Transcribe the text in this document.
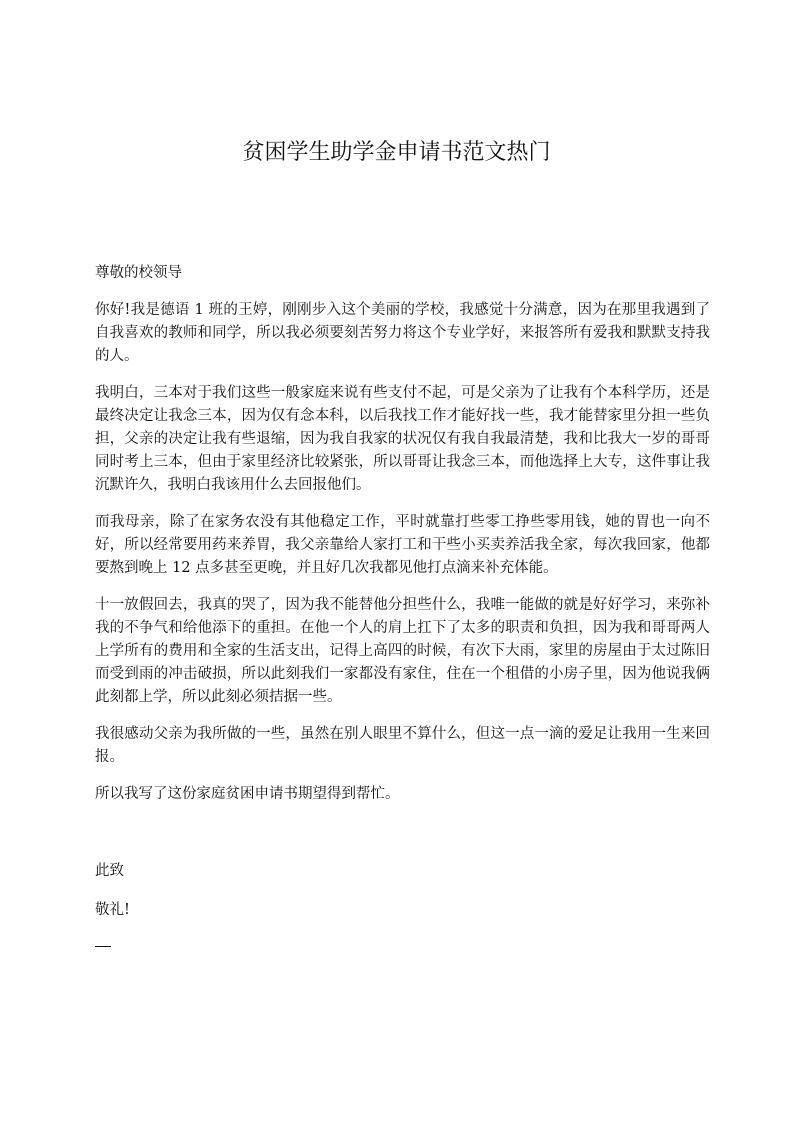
贫困学生助学金申请书范文热门

尊敬的校领导

你好!我是德语 1 班的王婷，刚刚步入这个美丽的学校，我感觉十分满意，因为在那里我遇到了自我喜欢的教师和同学，所以我必须要刻苦努力将这个专业学好，来报答所有爱我和默默支持我的人。

我明白，三本对于我们这些一般家庭来说有些支付不起，可是父亲为了让我有个本科学历，还是最终决定让我念三本，因为仅有念本科，以后我找工作才能好找一些，我才能替家里分担一些负担，父亲的决定让我有些退缩，因为我自我家的状况仅有我自我最清楚，我和比我大一岁的哥哥同时考上三本，但由于家里经济比较紧张，所以哥哥让我念三本，而他选择上大专，这件事让我沉默许久，我明白我该用什么去回报他们。

而我母亲，除了在家务农没有其他稳定工作，平时就靠打些零工挣些零用钱，她的胃也一向不好，所以经常要用药来养胃，我父亲靠给人家打工和干些小买卖养活我全家，每次我回家，他都要熬到晚上 12 点多甚至更晚，并且好几次我都见他打点滴来补充体能。

十一放假回去，我真的哭了，因为我不能替他分担些什么，我唯一能做的就是好好学习，来弥补我的不争气和给他添下的重担。在他一个人的肩上扛下了太多的职责和负担，因为我和哥哥两人上学所有的费用和全家的生活支出，记得上高四的时候，有次下大雨，家里的房屋由于太过陈旧而受到雨的冲击破损，所以此刻我们一家都没有家住，住在一个租借的小房子里，因为他说我俩此刻都上学，所以此刻必须拮据一些。

我很感动父亲为我所做的一些，虽然在别人眼里不算什么，但这一点一滴的爱足让我用一生来回报。

所以我写了这份家庭贫困申请书期望得到帮忙。

此致

敬礼!
